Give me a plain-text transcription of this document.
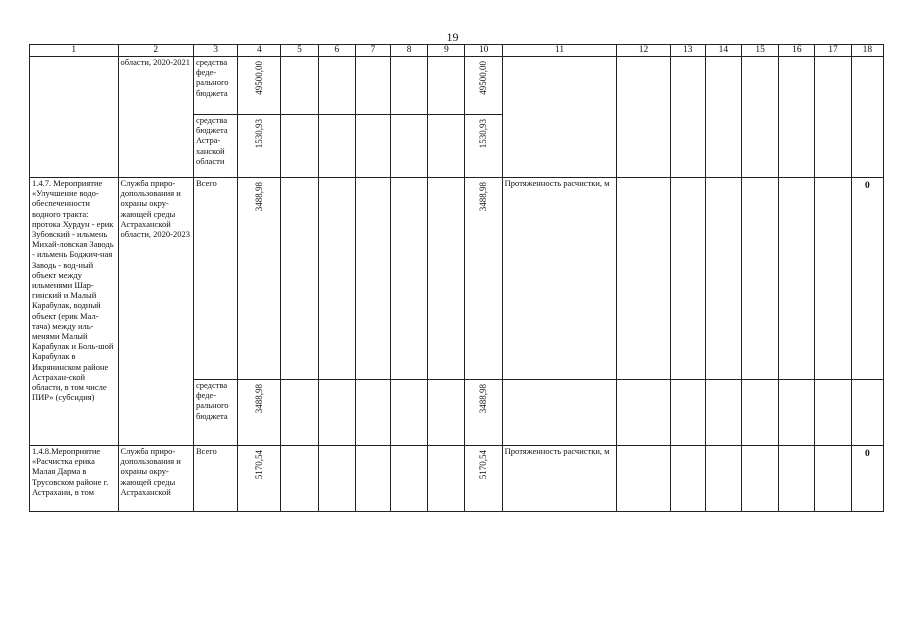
19
1	2	3	4	5	6	7	8	9	10	11	12	13	14	15	16	17	18

	области, 2020-2021	средства феде-рального бюджета	49500,00						49500,00								

		средства бюджета Астра-ханской области	1530,93						1530,93								

1.4.7. Мероприятие «Улучшение водо-обеспеченности водного тракта: протока Хурдун - ерик Зубовский - ильмень Михай-ловская Заводь - ильмень Боджич-ная Заводь - вод-ный объект между ильменями Шар-гинский и Малый Карабулак, водный объект (ерик Мал-тача) между иль-менями Малый Карабулак и Боль-шой Карабулак в Икрянинском районе Астрахан-ской области, в том числе ПИР» (субсидия)	Служба приро-допользования и охраны окру-жающей среды Астраханской области, 2020-2023	Всего	3488,98						3488,98	Протяженность расчистки, м							0
		средства феде-рального бюджета	3488,98						3488,98								

1.4.8.Мероприятие «Расчистка ерика Малая Дарма в Трусовском районе г. Астрахани, в том	Служба приро-допользования и охраны окру-жающей среды Астраханской	Всего	5170,54						5170,54	Протяженность расчистки, м							0
